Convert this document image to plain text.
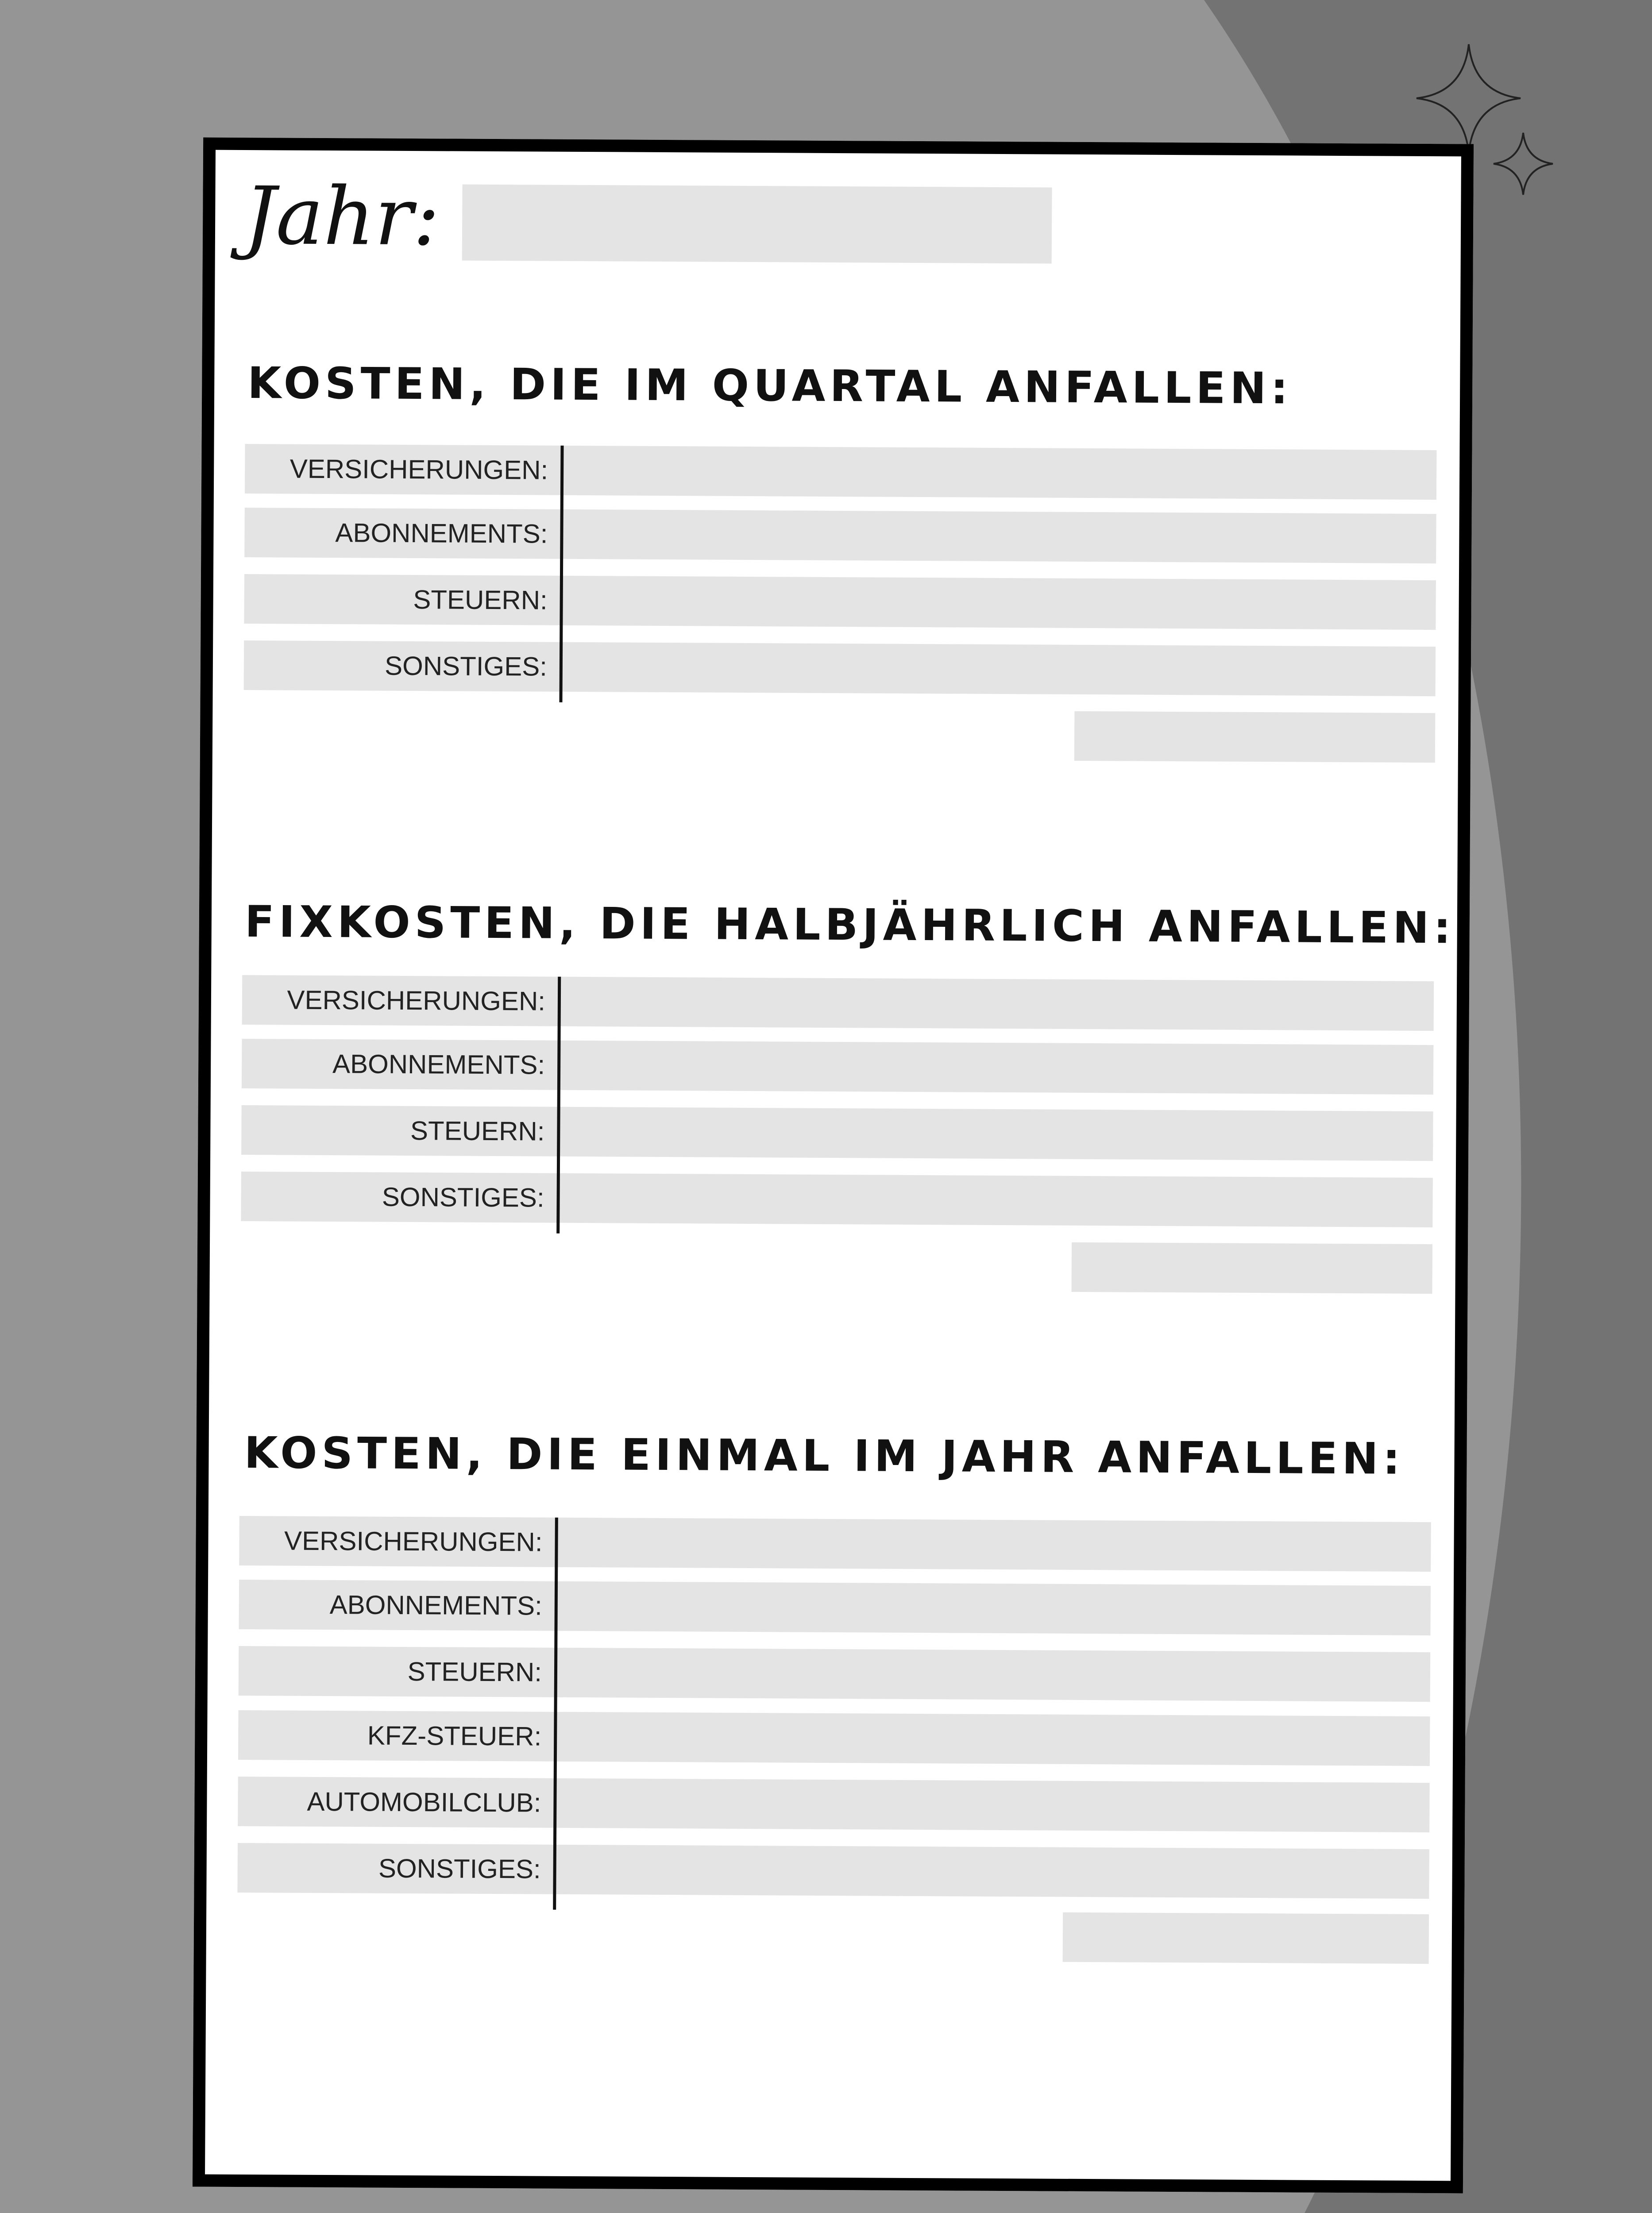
Jahr:
KOSTEN, DIE IM QUARTAL ANFALLEN:
VERSICHERUNGEN:
ABONNEMENTS:
STEUERN:
SONSTIGES:
FIXKOSTEN, DIE HALBJÄHRLICH ANFALLEN:
VERSICHERUNGEN:
ABONNEMENTS:
STEUERN:
SONSTIGES:
KOSTEN, DIE EINMAL IM JAHR ANFALLEN:
VERSICHERUNGEN:
ABONNEMENTS:
STEUERN:
KFZ-STEUER:
AUTOMOBILCLUB:
SONSTIGES:
